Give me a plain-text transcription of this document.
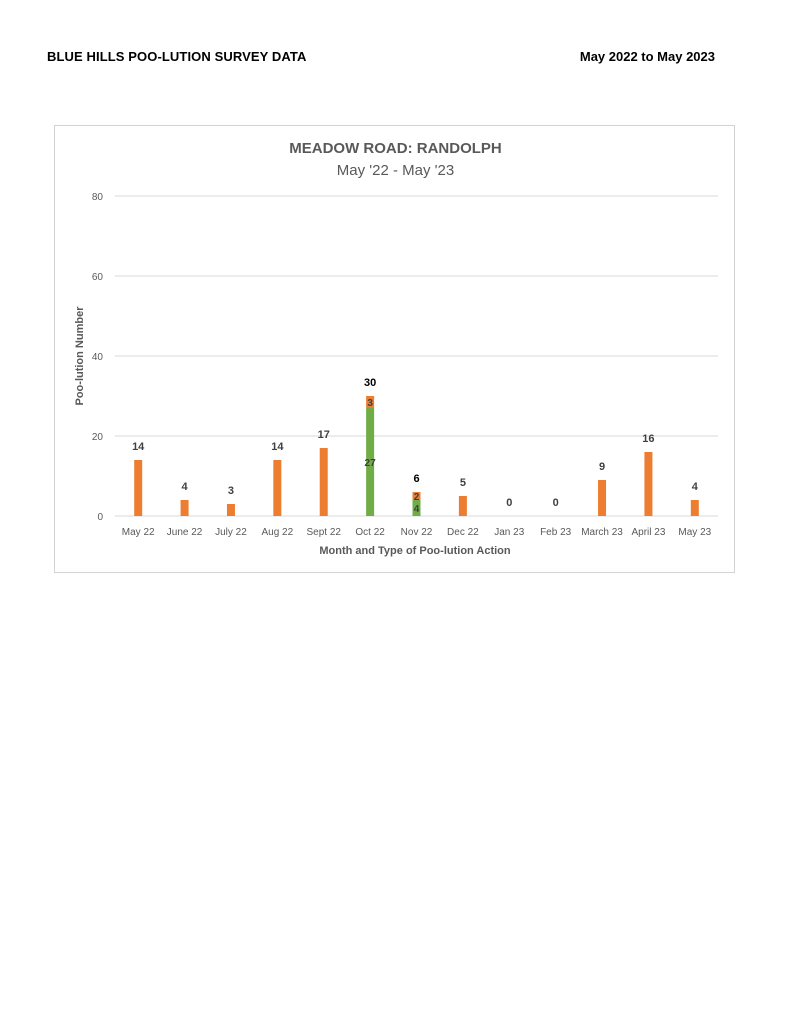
BLUE HILLS POO-LUTION SURVEY DATA	May 2022 to May 2023
MEADOW ROAD: RANDOLPH
May '22 - May '23
0
20
40
60
80
27
4
3
2
14
4	3
14
17
30
6	5
0	0
9
16
4
May 22 June 22 July 22 Aug 22 Sept 22 Oct 22 Nov 22 Dec 22 Jan 23 Feb 23 March 23 April 23 May 23
Month and Type of Poo-lution Action
Poo-lution Number
